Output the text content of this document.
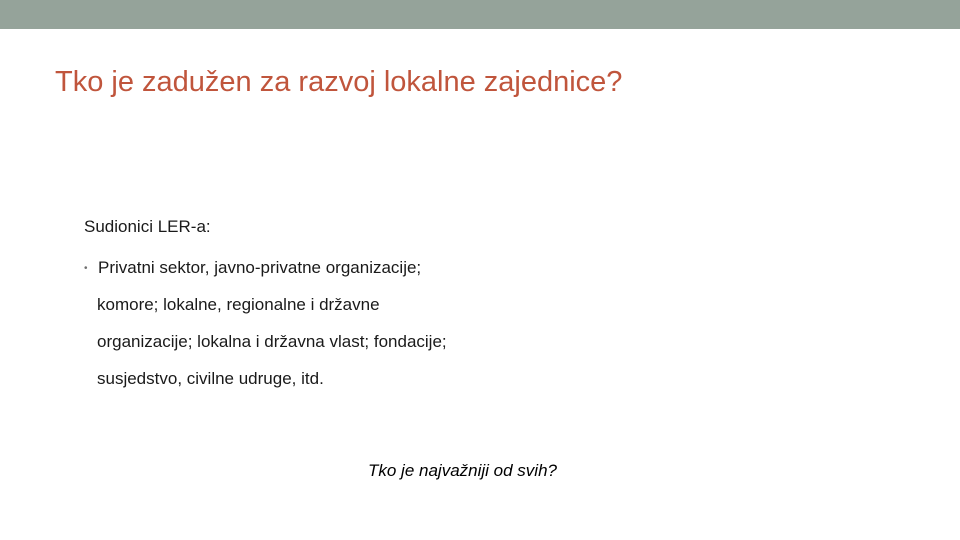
Tko je zadužen za razvoj lokalne zajednice?
Sudionici LER-a:
• Privatni sektor, javno-privatne organizacije;
komore; lokalne, regionalne i državne
organizacije; lokalna i državna vlast; fondacije;
susjedstvo, civilne udruge, itd.
Tko je najvažniji od svih?
